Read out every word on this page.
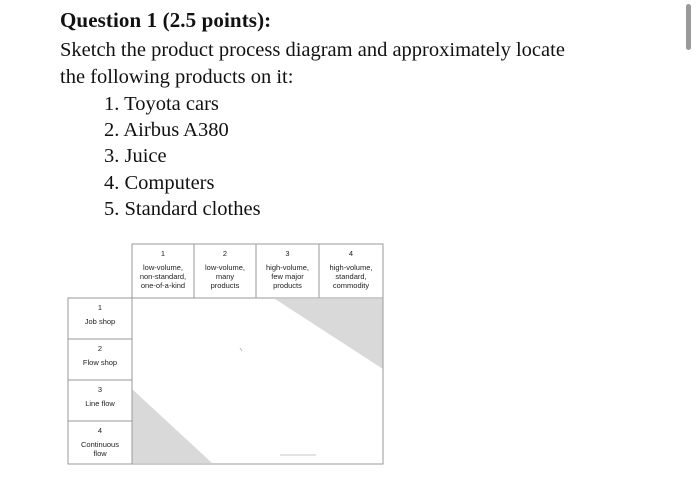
Question 1 (2.5 points):
Sketch the product process diagram and approximately locate
the following products on it:
1. Toyota cars
2. Airbus A380
3. Juice
4. Computers
5. Standard clothes
1
low-volume,
non-standard,
one-of-a-kind
2
low-volume,
many
products
3
high-volume,
few major
products
4
high-volume,
standard,
commodity
1
Job shop
2
Flow shop
3
Line flow
4
Continuous
flow
